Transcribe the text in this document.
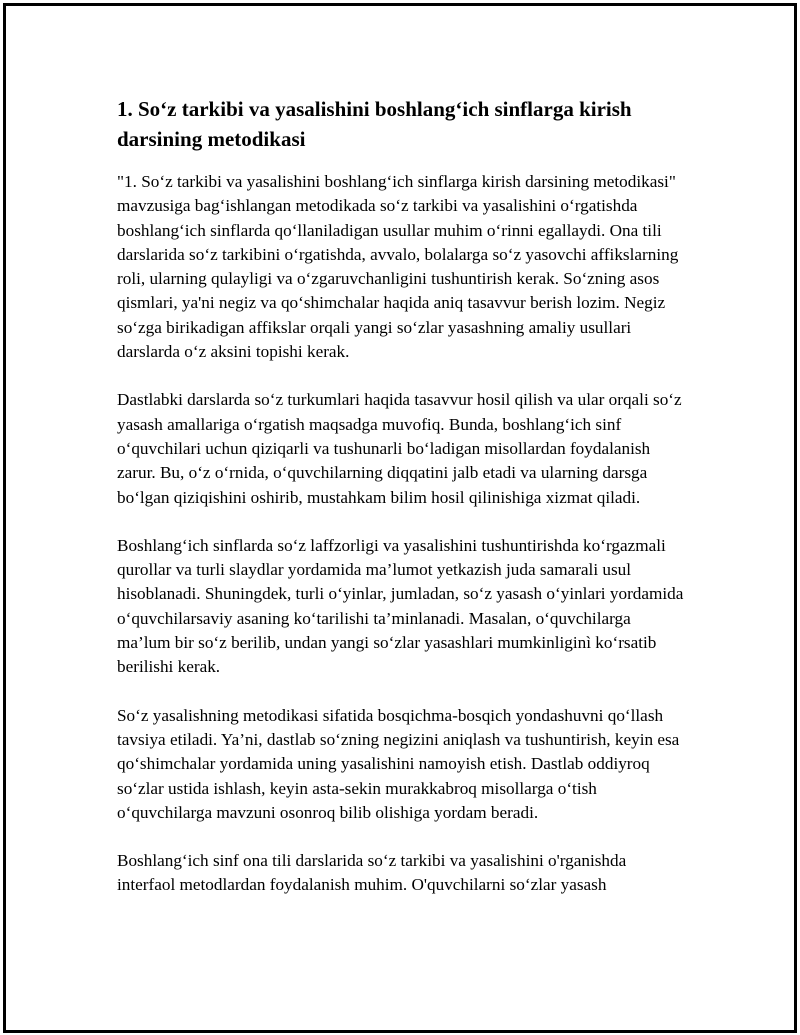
1. So‘z tarkibi va yasalishini boshlang‘ich sinflarga kirish darsining metodikasi

"1. So‘z tarkibi va yasalishini boshlang‘ich sinflarga kirish darsining metodikasi" mavzusiga bag‘ishlangan metodikada so‘z tarkibi va yasalishini o‘rgatishda boshlang‘ich sinflarda qo‘llaniladigan usullar muhim o‘rinni egallaydi. Ona tili darslarida so‘z tarkibini o‘rgatishda, avvalo, bolalarga so‘z yasovchi affikslarning roli, ularning qulayligi va o‘zgaruvchanligini tushuntirish kerak. So‘zning asos qismlari, ya'ni negiz va qo‘shimchalar haqida aniq tasavvur berish lozim. Negiz so‘zga birikadigan affikslar orqali yangi so‘zlar yasashning amaliy usullari darslarda o‘z aksini topishi kerak.

Dastlabki darslarda so‘z turkumlari haqida tasavvur hosil qilish va ular orqali so‘z yasash amallariga o‘rgatish maqsadga muvofiq. Bunda, boshlang‘ich sinf o‘quvchilari uchun qiziqarli va tushunarli bo‘ladigan misollardan foydalanish zarur. Bu, o‘z o‘rnida, o‘quvchilarning diqqatini jalb etadi va ularning darsga bo‘lgan qiziqishini oshirib, mustahkam bilim hosil qilinishiga xizmat qiladi.

Boshlang‘ich sinflarda so‘z laffzorligi va yasalishini tushuntirishda ko‘rgazmali qurollar va turli slaydlar yordamida ma’lumot yetkazish juda samarali usul hisoblanadi. Shuningdek, turli o‘yinlar, jumladan, so‘z yasash o‘yinlari yordamida o‘quvchilarsaviy asaning ko‘tarilishi ta’minlanadi. Masalan, o‘quvchilarga ma’lum bir so‘z berilib, undan yangi so‘zlar yasashlari mumkinliginì ko‘rsatib berilishi kerak.

So‘z yasalishning metodikasi sifatida bosqichma-bosqich yondashuvni qo‘llash tavsiya etiladi. Ya’ni, dastlab so‘zning negizini aniqlash va tushuntirish, keyin esa qo‘shimchalar yordamida uning yasalishini namoyish etish. Dastlab oddiyroq so‘zlar ustida ishlash, keyin asta-sekin murakkabroq misollarga o‘tish o‘quvchilarga mavzuni osonroq bilib olishiga yordam beradi.

Boshlang‘ich sinf ona tili darslarida so‘z tarkibi va yasalishini o'rganishda interfaol metodlardan foydalanish muhim. O'quvchilarni so‘zlar yasash
